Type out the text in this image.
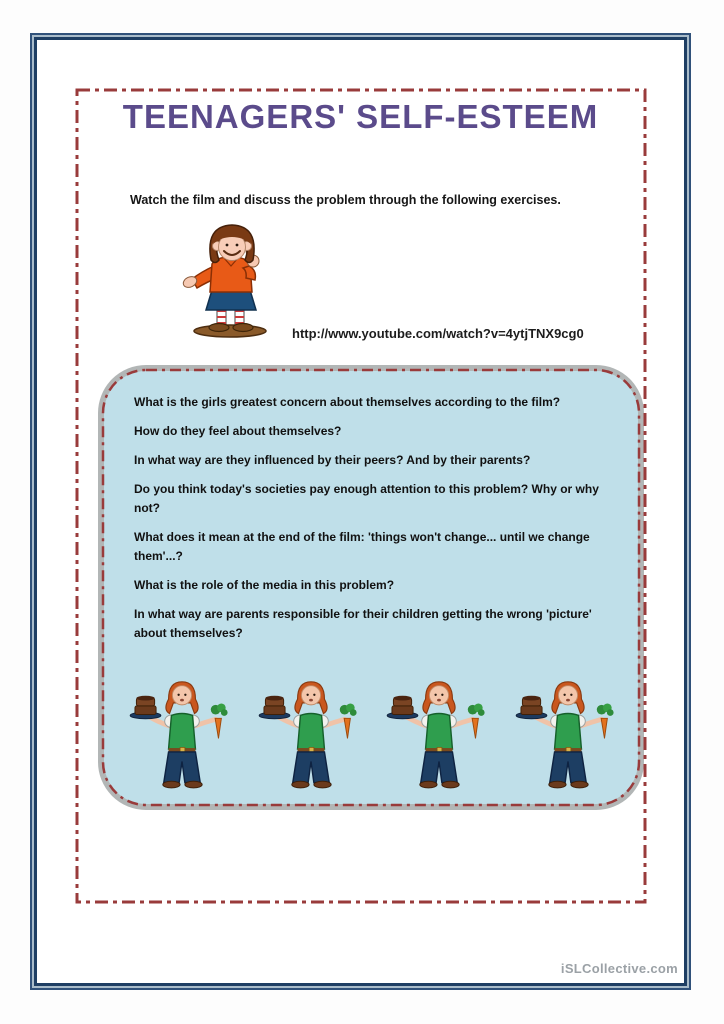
TEENAGERS' SELF-ESTEEM
Watch the film and discuss the problem through the following exercises.
http://www.youtube.com/watch?v=4ytjTNX9cg0

What is the girls greatest concern about themselves according to the film?

How do they feel about themselves?

In what way are they influenced by their peers? And by their parents?

Do you think today's societies pay enough attention to this problem? Why or why not?

What does it mean at the end of the film: 'things won't change... until we change them'...?

What is the role of the media in this problem?

In what way are parents responsible for their children getting the wrong 'picture' about themselves?

iSLCollective.com
